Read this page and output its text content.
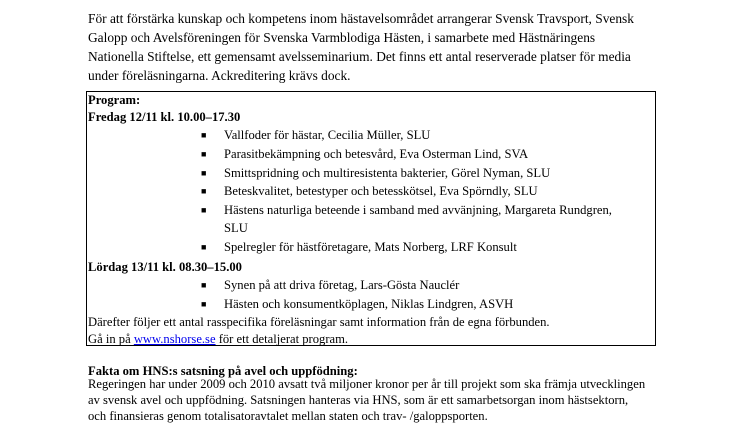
För att förstärka kunskap och kompetens inom hästavelsområdet arrangerar Svensk Travsport, Svensk Galopp och Avelsföreningen för Svenska Varmblodiga Hästen, i samarbete med Hästnäringens Nationella Stiftelse, ett gemensamt avelsseminarium. Det finns ett antal reserverade platser för media under föreläsningarna. Ackreditering krävs dock.
Program:
Fredag 12/11 kl. 10.00–17.30
■ Vallfoder för hästar, Cecilia Müller, SLU
■ Parasitbekämpning och betesvård, Eva Osterman Lind, SVA
■ Smittspridning och multiresistenta bakterier, Görel Nyman, SLU
■ Beteskvalitet, betestyper och betesskötsel, Eva Spörndly, SLU
■ Hästens naturliga beteende i samband med avvänjning, Margareta Rundgren,
SLU
■ Spelregler för hästföretagare, Mats Norberg, LRF Konsult
Lördag 13/11 kl. 08.30–15.00
■ Synen på att driva företag, Lars-Gösta Nauclér
■ Hästen och konsumentköplagen, Niklas Lindgren, ASVH
Därefter följer ett antal rasspecifika föreläsningar samt information från de egna förbunden.
Gå in på www.nshorse.se för ett detaljerat program.
Fakta om HNS:s satsning på avel och uppfödning:
Regeringen har under 2009 och 2010 avsatt två miljoner kronor per år till projekt som ska främja utvecklingen av svensk avel och uppfödning. Satsningen hanteras via HNS, som är ett samarbetsorgan inom hästsektorn, och finansieras genom totalisatoravtalet mellan staten och trav- /galoppsporten.
